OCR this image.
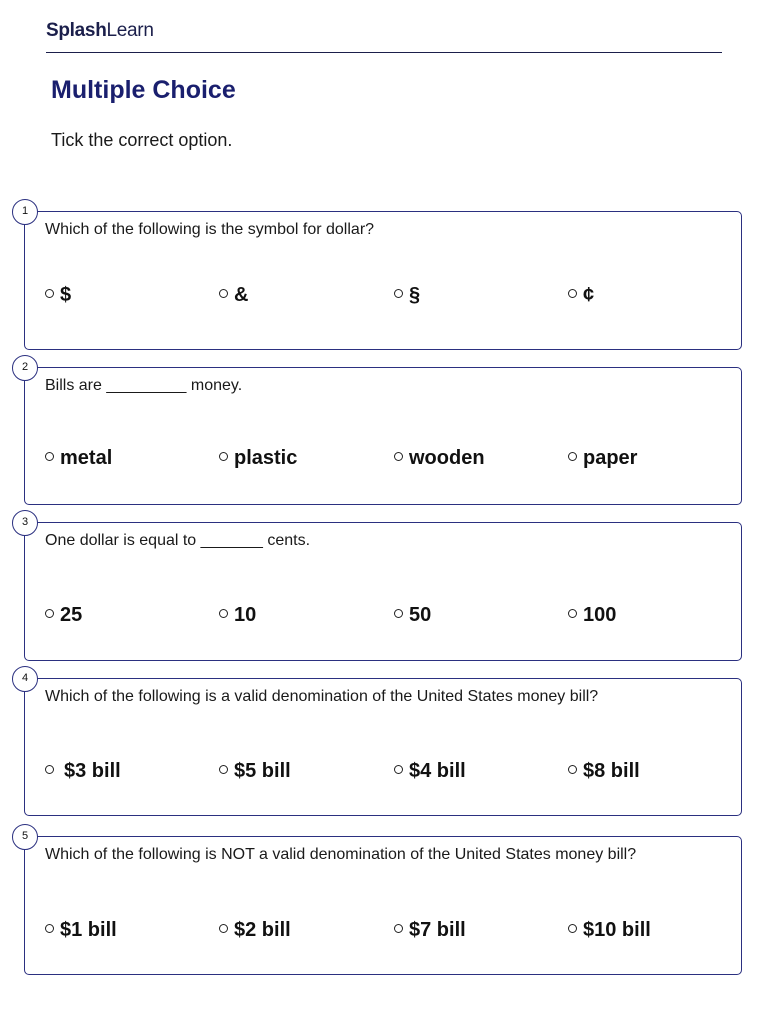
SplashLearn
Multiple Choice
Tick the correct option.
1
Which of the following is the symbol for dollar?
$	&	§	¢
2
Bills are _________ money.
metal	plastic	wooden	paper
3
One dollar is equal to _______ cents.
25	10	50	100
4
Which of the following is a valid denomination of the United States money bill?
$3 bill	$5 bill	$4 bill	$8 bill
5
Which of the following is NOT a valid denomination of the United States money bill?
$1 bill	$2 bill	$7 bill	$10 bill
